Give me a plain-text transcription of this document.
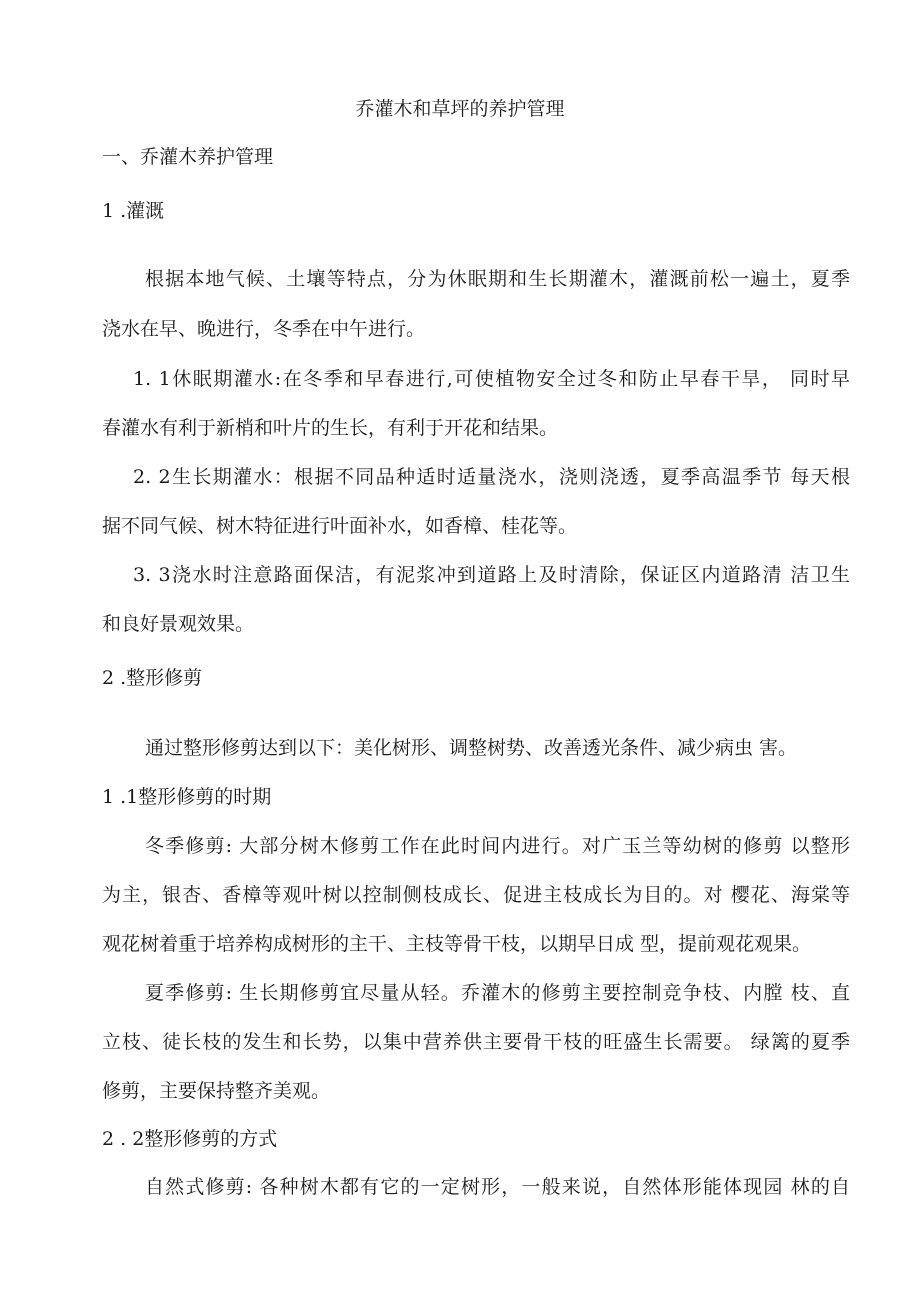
乔灌木和草坪的养护管理
一、乔灌木养护管理
1 .灌溉
根据本地气候、土壤等特点，分为休眠期和生长期灌木，灌溉前松一遍土，夏季
浇水在早、晚进行，冬季在中午进行。
1. 1休眠期灌水:在冬季和早春进行,可使植物安全过冬和防止早春干旱， 同时早
春灌水有利于新梢和叶片的生长，有利于开花和结果。
2. 2生长期灌水：根据不同品种适时适量浇水，浇则浇透，夏季高温季节 每天根
据不同气候、树木特征进行叶面补水，如香樟、桂花等。
3. 3浇水时注意路面保洁，有泥浆冲到道路上及时清除，保证区内道路清 洁卫生
和良好景观效果。
2 .整形修剪
通过整形修剪达到以下：美化树形、调整树势、改善透光条件、减少病虫 害。
1 .1整形修剪的时期
冬季修剪: 大部分树木修剪工作在此时间内进行。对广玉兰等幼树的修剪 以整形
为主，银杏、香樟等观叶树以控制侧枝成长、促进主枝成长为目的。对 樱花、海棠等
观花树着重于培养构成树形的主干、主枝等骨干枝，以期早日成 型，提前观花观果。
夏季修剪: 生长期修剪宜尽量从轻。乔灌木的修剪主要控制竞争枝、内膛 枝、直
立枝、徒长枝的发生和长势，以集中营养供主要骨干枝的旺盛生长需要。 绿篱的夏季
修剪，主要保持整齐美观。
2 . 2整形修剪的方式
自然式修剪: 各种树木都有它的一定树形，一般来说，自然体形能体现园 林的自
